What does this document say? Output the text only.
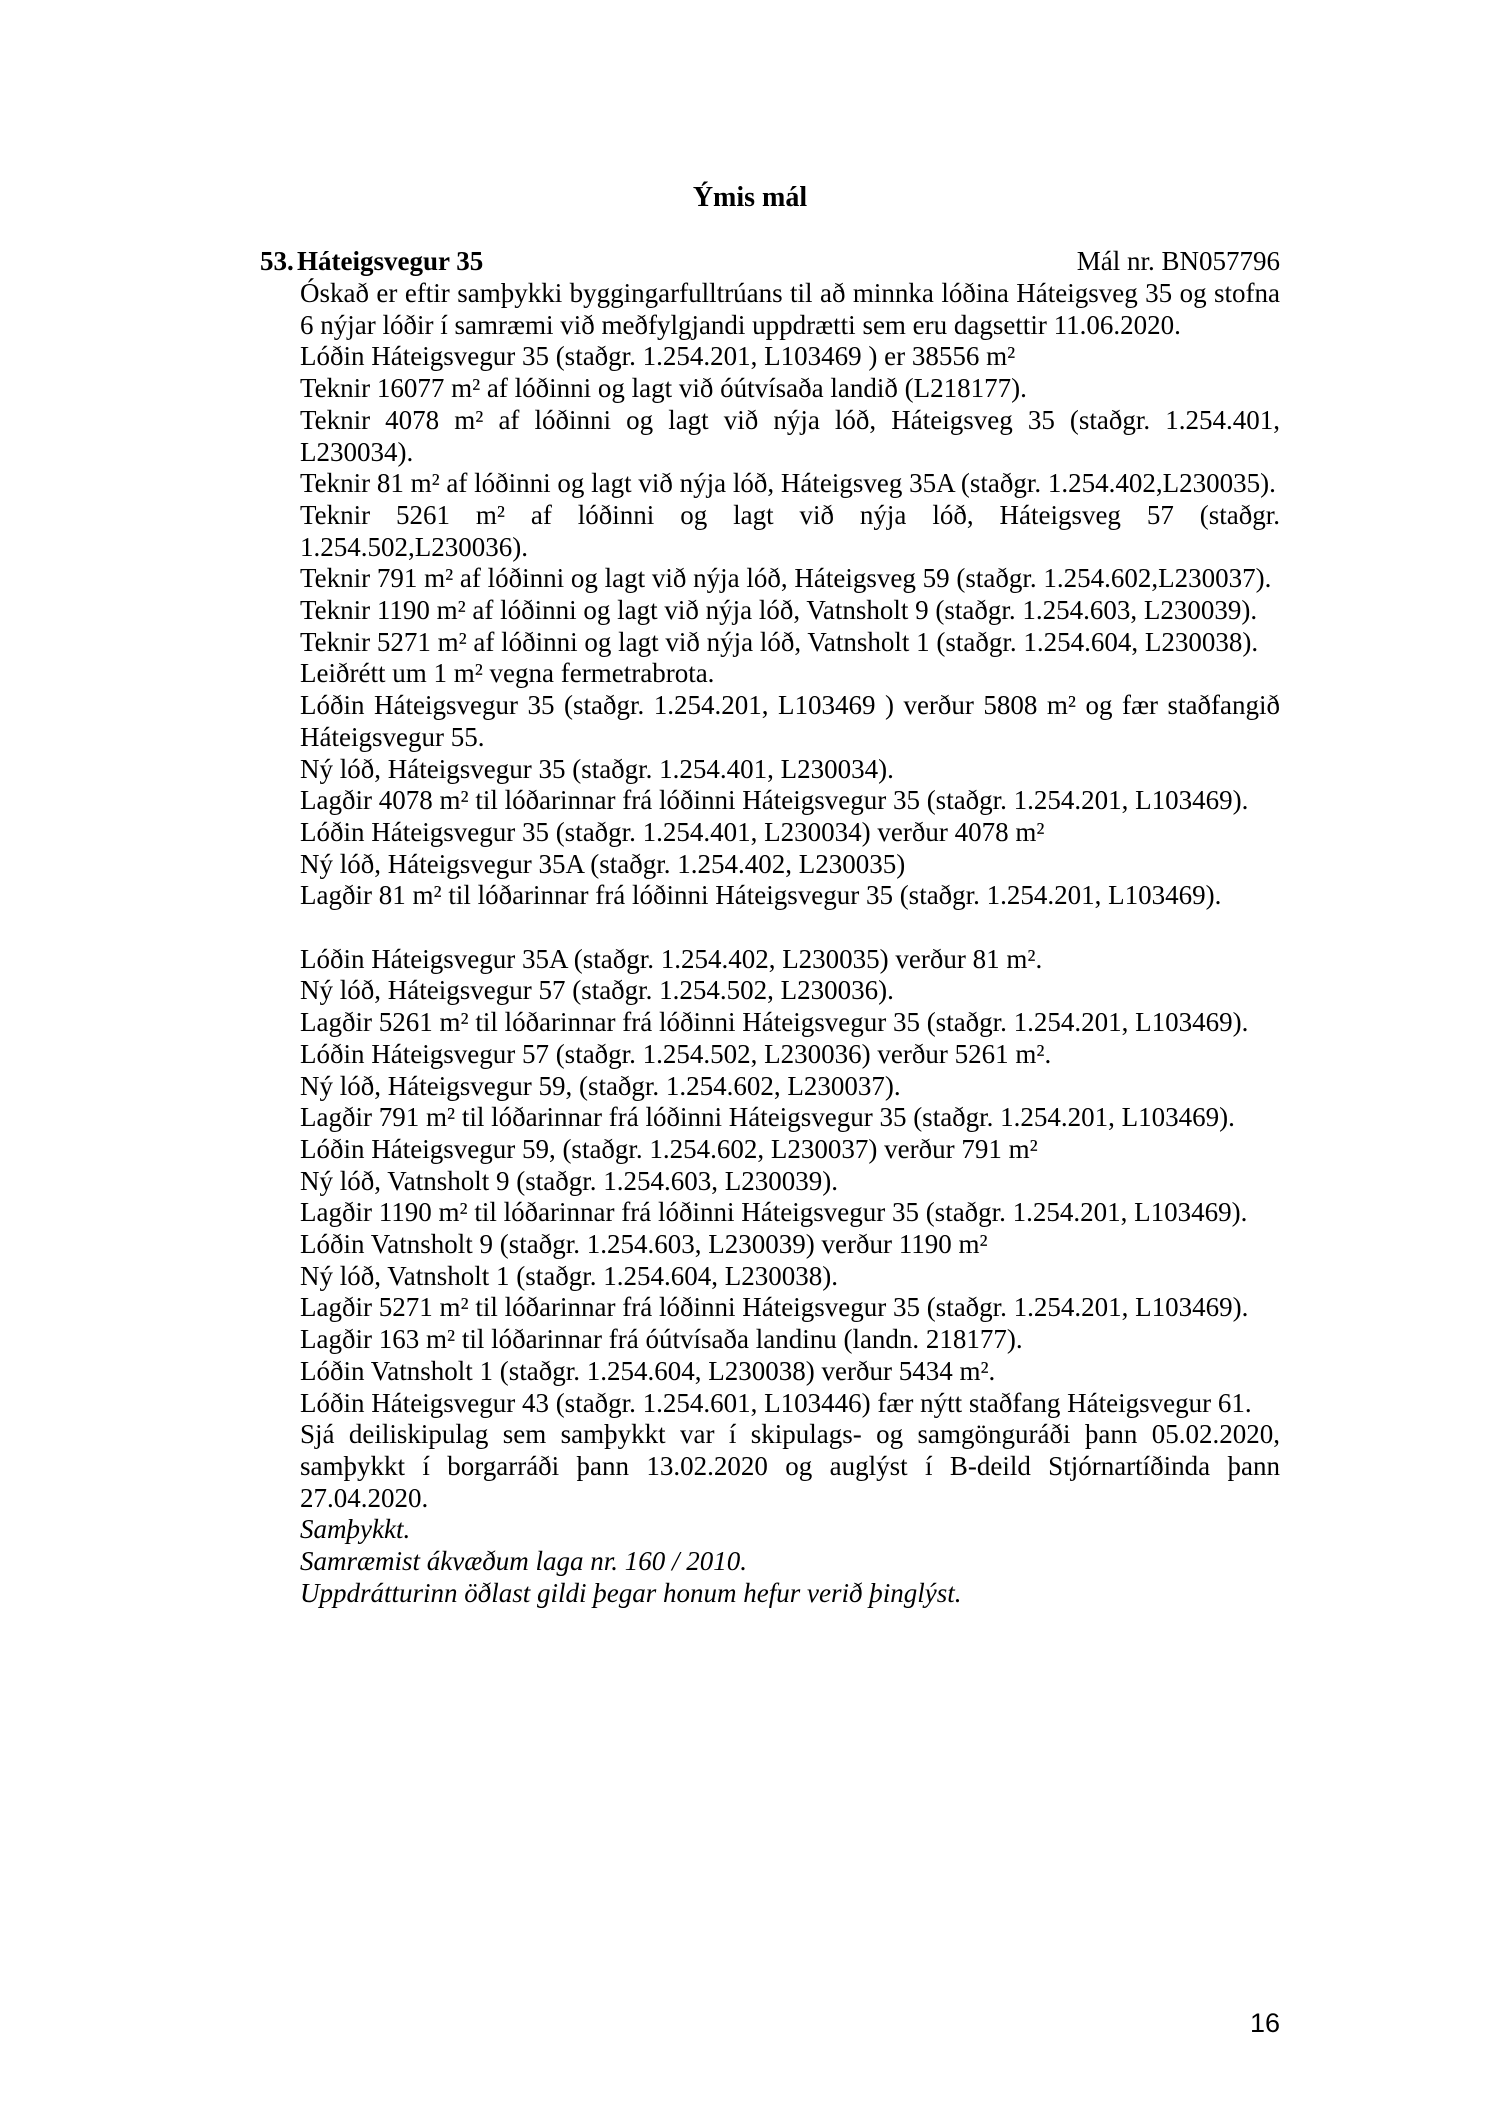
Ýmis mál
53. Háteigsvegur 35	Mál nr. BN057796

Óskað er eftir samþykki byggingarfulltrúans til að minnka lóðina Háteigsveg 35 og stofna 6 nýjar lóðir í samræmi við meðfylgjandi uppdrætti sem eru dagsettir 11.06.2020.

Lóðin Háteigsvegur 35 (staðgr. 1.254.201, L103469 ) er 38556 m²

Teknir 16077 m² af lóðinni og lagt við óútvísaða landið (L218177).

Teknir 4078 m² af lóðinni og lagt við nýja lóð, Háteigsveg 35 (staðgr. 1.254.401, L230034).

Teknir 81 m² af lóðinni og lagt við nýja lóð, Háteigsveg 35A (staðgr. 1.254.402,L230035).

Teknir 5261 m² af lóðinni og lagt við nýja lóð, Háteigsveg 57 (staðgr. 1.254.502,L230036).

Teknir 791 m² af lóðinni og lagt við nýja lóð, Háteigsveg 59 (staðgr. 1.254.602,L230037).

Teknir 1190 m² af lóðinni og lagt við nýja lóð, Vatnsholt 9 (staðgr. 1.254.603, L230039).

Teknir 5271 m² af lóðinni og lagt við nýja lóð, Vatnsholt 1 (staðgr. 1.254.604, L230038).

Leiðrétt um 1 m² vegna fermetrabrota.

Lóðin Háteigsvegur 35 (staðgr. 1.254.201, L103469 ) verður 5808 m² og fær staðfangið Háteigsvegur 55.

Ný lóð, Háteigsvegur 35 (staðgr. 1.254.401, L230034).

Lagðir 4078 m² til lóðarinnar frá lóðinni Háteigsvegur 35 (staðgr. 1.254.201, L103469).

Lóðin Háteigsvegur 35 (staðgr. 1.254.401, L230034) verður 4078 m²

Ný lóð, Háteigsvegur 35A (staðgr. 1.254.402, L230035)

Lagðir 81 m² til lóðarinnar frá lóðinni Háteigsvegur 35 (staðgr. 1.254.201, L103469).

Lóðin Háteigsvegur 35A (staðgr. 1.254.402, L230035) verður 81 m².

Ný lóð, Háteigsvegur 57 (staðgr. 1.254.502, L230036).

Lagðir 5261 m² til lóðarinnar frá lóðinni Háteigsvegur 35 (staðgr. 1.254.201, L103469).

Lóðin Háteigsvegur 57 (staðgr. 1.254.502, L230036) verður 5261 m².

Ný lóð, Háteigsvegur 59, (staðgr. 1.254.602, L230037).

Lagðir 791 m² til lóðarinnar frá lóðinni Háteigsvegur 35 (staðgr. 1.254.201, L103469).

Lóðin Háteigsvegur 59, (staðgr. 1.254.602, L230037) verður 791 m²

Ný lóð, Vatnsholt 9 (staðgr. 1.254.603, L230039).

Lagðir 1190 m² til lóðarinnar frá lóðinni Háteigsvegur 35 (staðgr. 1.254.201, L103469).

Lóðin Vatnsholt 9 (staðgr. 1.254.603, L230039) verður 1190 m²

Ný lóð, Vatnsholt 1 (staðgr. 1.254.604, L230038).

Lagðir 5271 m² til lóðarinnar frá lóðinni Háteigsvegur 35 (staðgr. 1.254.201, L103469).

Lagðir 163 m² til lóðarinnar frá óútvísaða landinu (landn. 218177).

Lóðin Vatnsholt 1 (staðgr. 1.254.604, L230038) verður 5434 m².

Lóðin Háteigsvegur 43 (staðgr. 1.254.601, L103446) fær nýtt staðfang Háteigsvegur 61.

Sjá deiliskipulag sem samþykkt var í skipulags- og samgönguráði þann 05.02.2020, samþykkt í borgarráði þann 13.02.2020 og auglýst í B-deild Stjórnartíðinda þann 27.04.2020.

Samþykkt.

Samræmist ákvæðum laga nr. 160 / 2010.

Uppdrátturinn öðlast gildi þegar honum hefur verið þinglýst.

16
